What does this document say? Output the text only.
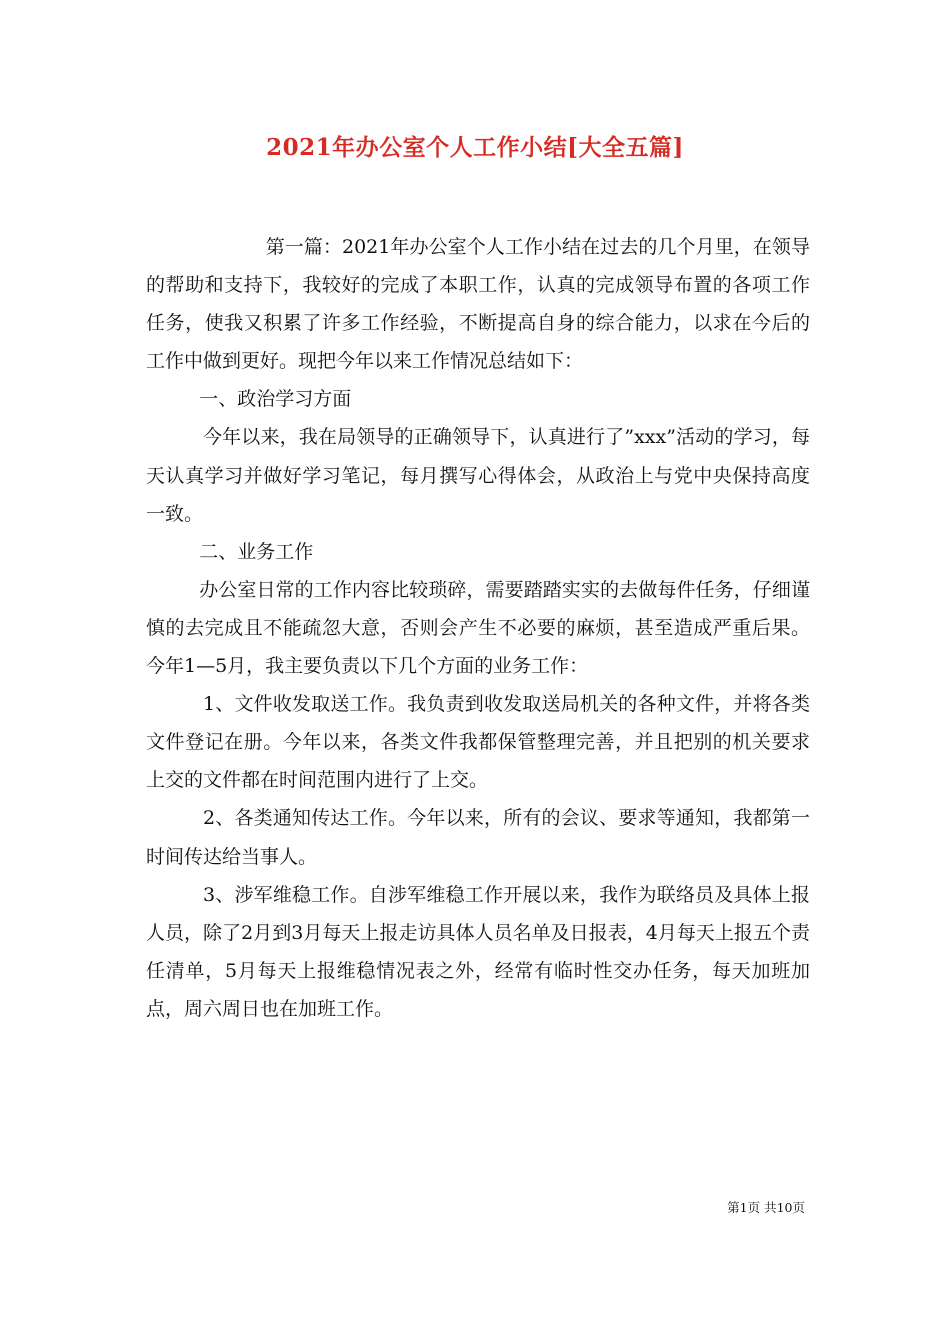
2021年办公室个人工作小结[大全五篇]

第一篇：2021年办公室个人工作小结在过去的几个月里，在领导的帮助和支持下，我较好的完成了本职工作，认真的完成领导布置的各项工作任务，使我又积累了许多工作经验，不断提高自身的综合能力，以求在今后的工作中做到更好。现把今年以来工作情况总结如下：

一、政治学习方面

今年以来，我在局领导的正确领导下，认真进行了”xxx”活动的学习，每天认真学习并做好学习笔记，每月撰写心得体会，从政治上与党中央保持高度一致。

二、业务工作

办公室日常的工作内容比较琐碎，需要踏踏实实的去做每件任务，仔细谨慎的去完成且不能疏忽大意，否则会产生不必要的麻烦，甚至造成严重后果。今年1—5月，我主要负责以下几个方面的业务工作：

1、文件收发取送工作。我负责到收发取送局机关的各种文件，并将各类文件登记在册。今年以来，各类文件我都保管整理完善，并且把别的机关要求上交的文件都在时间范围内进行了上交。

2、各类通知传达工作。今年以来，所有的会议、要求等通知，我都第一时间传达给当事人。

3、涉军维稳工作。自涉军维稳工作开展以来，我作为联络员及具体上报人员，除了2月到3月每天上报走访具体人员名单及日报表，4月每天上报五个责任清单，5月每天上报维稳情况表之外，经常有临时性交办任务，每天加班加点，周六周日也在加班工作。

第1页 共10页
